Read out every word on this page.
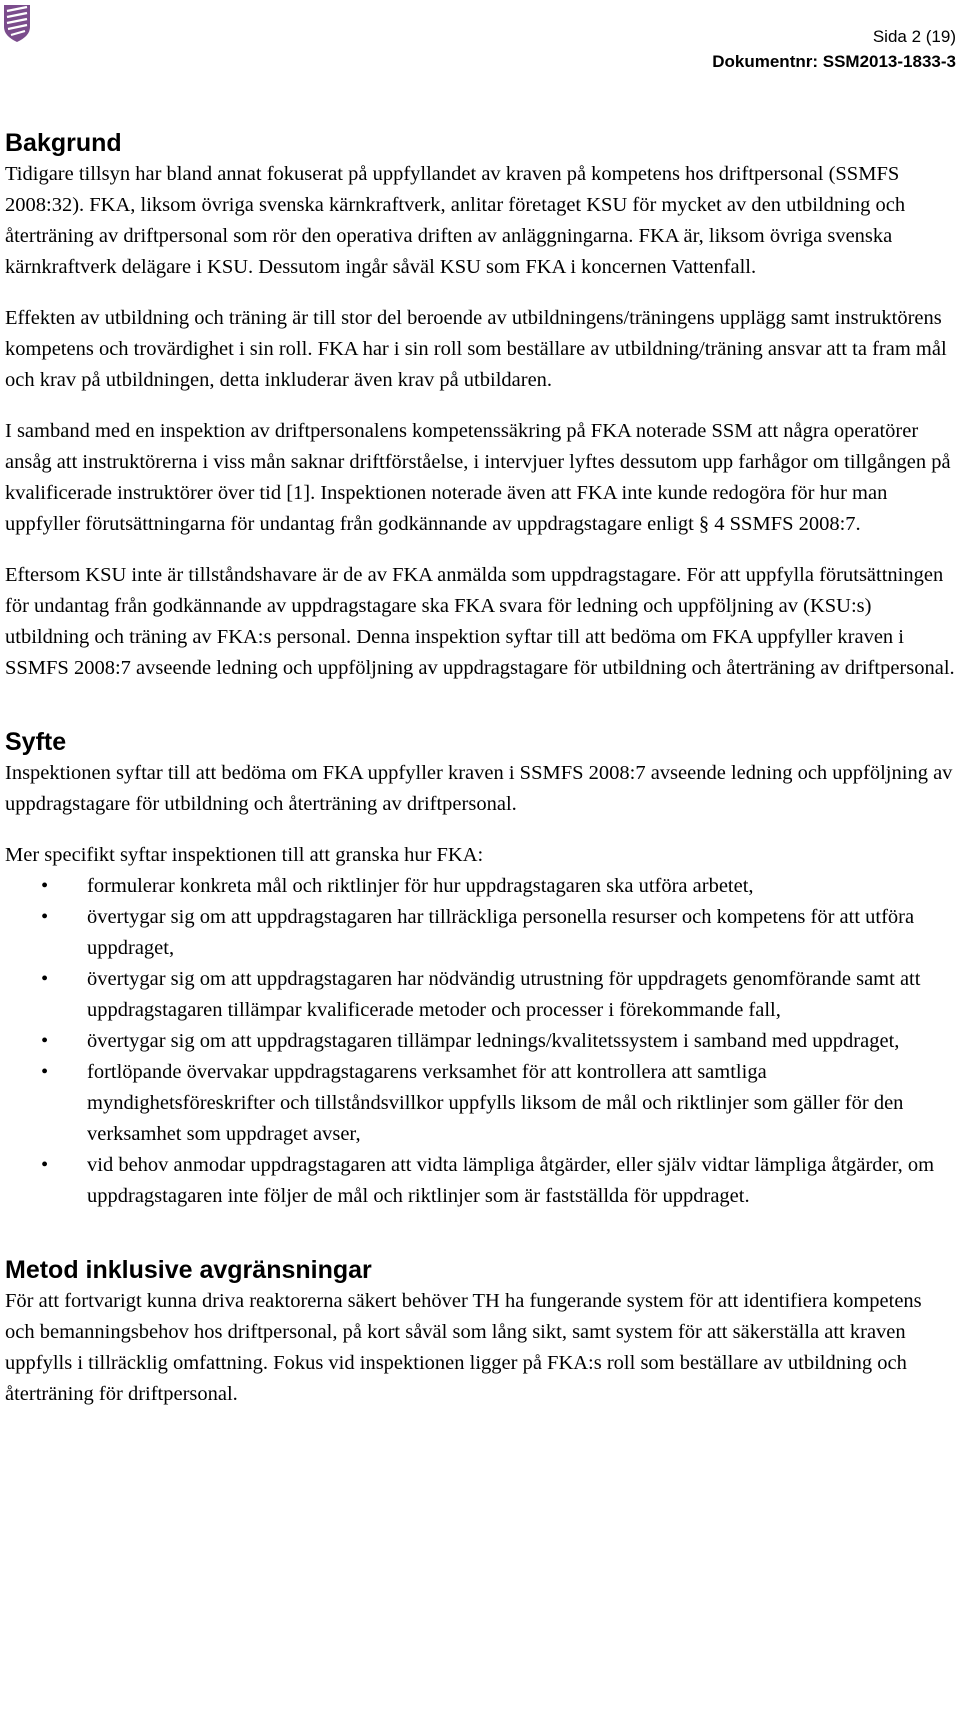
Sida 2 (19)
Dokumentnr: SSM2013-1833-3
Bakgrund

Tidigare tillsyn har bland annat fokuserat på uppfyllandet av kraven på kompetens hos driftpersonal (SSMFS 2008:32). FKA, liksom övriga svenska kärnkraftverk, anlitar företaget KSU för mycket av den utbildning och återträning av driftpersonal som rör den operativa driften av anläggningarna. FKA är, liksom övriga svenska kärnkraftverk delägare i KSU. Dessutom ingår såväl KSU som FKA i koncernen Vattenfall.

Effekten av utbildning och träning är till stor del beroende av utbildningens/träningens upplägg samt instruktörens kompetens och trovärdighet i sin roll. FKA har i sin roll som beställare av utbildning/träning ansvar att ta fram mål och krav på utbildningen, detta inkluderar även krav på utbildaren.

I samband med en inspektion av driftpersonalens kompetenssäkring på FKA noterade SSM att några operatörer ansåg att instruktörerna i viss mån saknar driftförståelse, i intervjuer lyftes dessutom upp farhågor om tillgången på kvalificerade instruktörer över tid [1]. Inspektionen noterade även att FKA inte kunde redogöra för hur man uppfyller förutsättningarna för undantag från godkännande av uppdragstagare enligt § 4 SSMFS 2008:7.

Eftersom KSU inte är tillståndshavare är de av FKA anmälda som uppdragstagare. För att uppfylla förutsättningen för undantag från godkännande av uppdragstagare ska FKA svara för ledning och uppföljning av (KSU:s) utbildning och träning av FKA:s personal. Denna inspektion syftar till att bedöma om FKA uppfyller kraven i SSMFS 2008:7 avseende ledning och uppföljning av uppdragstagare för utbildning och återträning av driftpersonal.

Syfte

Inspektionen syftar till att bedöma om FKA uppfyller kraven i SSMFS 2008:7 avseende ledning och uppföljning av uppdragstagare för utbildning och återträning av driftpersonal.

Mer specifikt syftar inspektionen till att granska hur FKA:

• formulerar konkreta mål och riktlinjer för hur uppdragstagaren ska utföra arbetet,
• övertygar sig om att uppdragstagaren har tillräckliga personella resurser och kompetens för att utföra uppdraget,
• övertygar sig om att uppdragstagaren har nödvändig utrustning för uppdragets genomförande samt att uppdragstagaren tillämpar kvalificerade metoder och processer i förekommande fall,
• övertygar sig om att uppdragstagaren tillämpar lednings/kvalitetssystem i samband med uppdraget,
• fortlöpande övervakar uppdragstagarens verksamhet för att kontrollera att samtliga myndighetsföreskrifter och tillståndsvillkor uppfylls liksom de mål och riktlinjer som gäller för den verksamhet som uppdraget avser,
• vid behov anmodar uppdragstagaren att vidta lämpliga åtgärder, eller själv vidtar lämpliga åtgärder, om uppdragstagaren inte följer de mål och riktlinjer som är fastställda för uppdraget.
Metod inklusive avgränsningar

För att fortvarigt kunna driva reaktorerna säkert behöver TH ha fungerande system för att identifiera kompetens och bemanningsbehov hos driftpersonal, på kort såväl som lång sikt, samt system för att säkerställa att kraven uppfylls i tillräcklig omfattning. Fokus vid inspektionen ligger på FKA:s roll som beställare av utbildning och återträning för driftpersonal.
